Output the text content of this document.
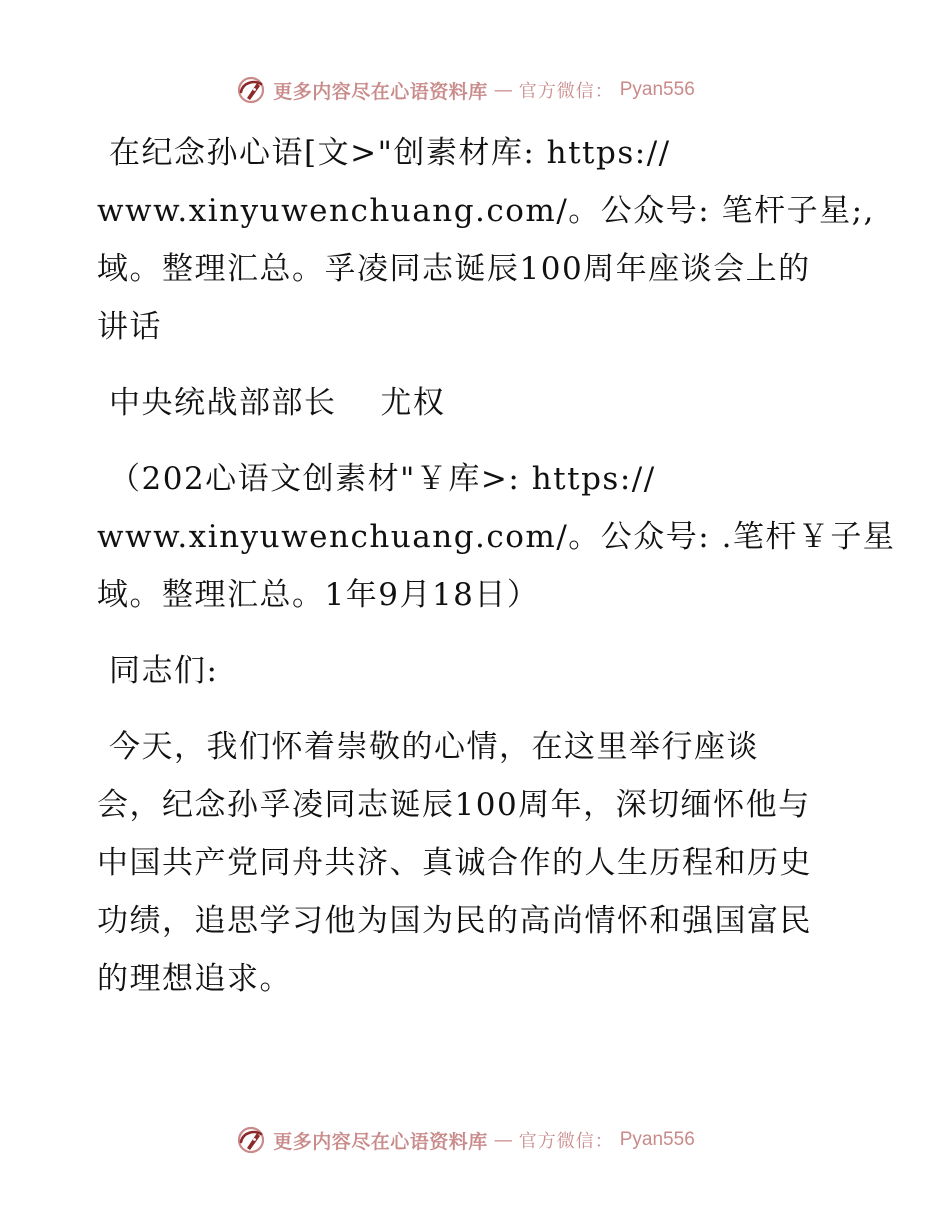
更多内容尽在心语资料库 — 官方微信： Pyan556

在纪念孙心语[文>"创素材库: https://
www.xinyuwenchuang.com/。公众号: 笔杆子星;,
域。整理汇总。孚凌同志诞辰100周年座谈会上的
讲话

中央统战部部长　 尤权

（202心语文创素材"￥库>: https://
www.xinyuwenchuang.com/。公众号: .笔杆￥子星
域。整理汇总。1年9月18日）

同志们:

今天，我们怀着崇敬的心情，在这里举行座谈
会，纪念孙孚凌同志诞辰100周年，深切缅怀他与
中国共产党同舟共济、真诚合作的人生历程和历史
功绩，追思学习他为国为民的高尚情怀和强国富民
的理想追求。

更多内容尽在心语资料库 — 官方微信： Pyan556
